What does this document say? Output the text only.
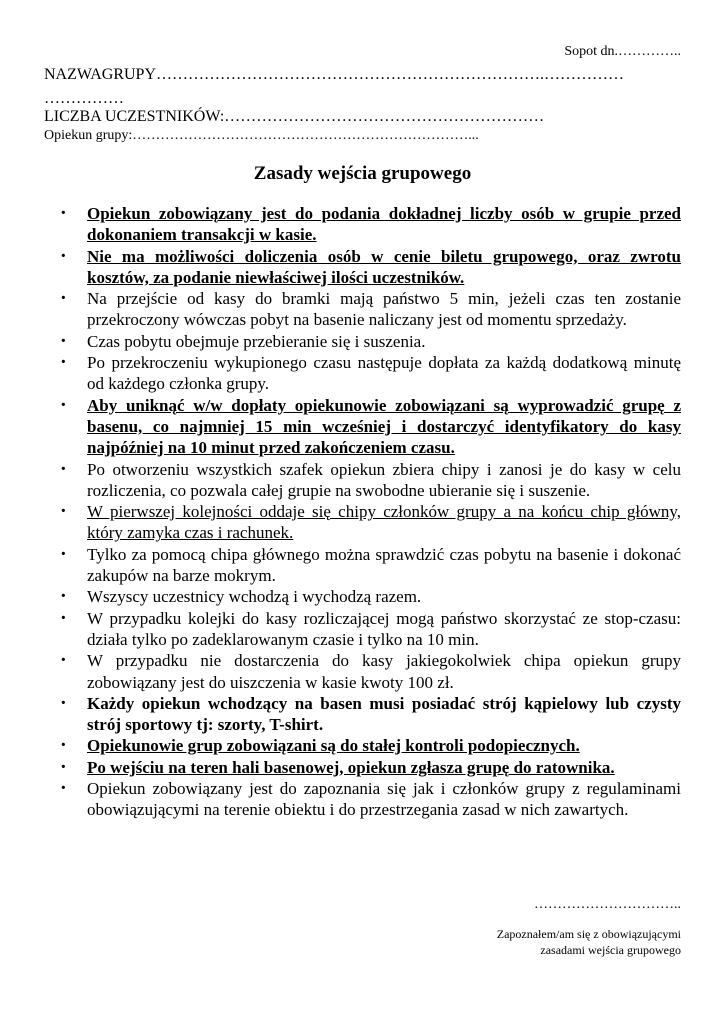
Sopot dn.…………..
NAZWAGRUPY……………………………………………………………….……………
……………
LICZBA UCZESTNIKÓW:……………………………………………………
Opiekun grupy:………………………………………………………………...
Zasady wejścia grupowego
· Opiekun zobowiązany jest do podania dokładnej liczby osób w grupie przed dokonaniem transakcji w kasie.
· Nie ma możliwości doliczenia osób w cenie biletu grupowego, oraz zwrotu kosztów, za podanie niewłaściwej ilości uczestników.
· Na przejście od kasy do bramki mają państwo 5 min, jeżeli czas ten zostanie przekroczony wówczas pobyt na basenie naliczany jest od momentu sprzedaży.
· Czas pobytu obejmuje przebieranie się i suszenia.
· Po przekroczeniu wykupionego czasu następuje dopłata za każdą dodatkową minutę od każdego członka grupy.
· Aby uniknąć w/w dopłaty opiekunowie zobowiązani są wyprowadzić grupę z basenu, co najmniej 15 min wcześniej i dostarczyć identyfikatory do kasy najpóźniej na 10 minut przed zakończeniem czasu.
· Po otworzeniu wszystkich szafek opiekun zbiera chipy i zanosi je do kasy w celu rozliczenia, co pozwala całej grupie na swobodne ubieranie się i suszenie.
· W pierwszej kolejności oddaje się chipy członków grupy a na końcu chip główny, który zamyka czas i rachunek.
· Tylko za pomocą chipa głównego można sprawdzić czas pobytu na basenie i dokonać zakupów na barze mokrym.
· Wszyscy uczestnicy wchodzą i wychodzą razem.
· W przypadku kolejki do kasy rozliczającej mogą państwo skorzystać ze stop-czasu: działa tylko po zadeklarowanym czasie i tylko na 10 min.
· W przypadku nie dostarczenia do kasy jakiegokolwiek chipa opiekun grupy zobowiązany jest do uiszczenia w kasie kwoty 100 zł.
· Każdy opiekun wchodzący na basen musi posiadać strój kąpielowy lub czysty strój sportowy tj: szorty, T-shirt.
· Opiekunowie grup zobowiązani są do stałej kontroli podopiecznych.
· Po wejściu na teren hali basenowej, opiekun zgłasza grupę do ratownika.
· Opiekun zobowiązany jest do zapoznania się jak i członków grupy z regulaminami obowiązującymi na terenie obiektu i do przestrzegania zasad w nich zawartych.
…………………………..
Zapoznałem/am się z obowiązującymi
zasadami wejścia grupowego
